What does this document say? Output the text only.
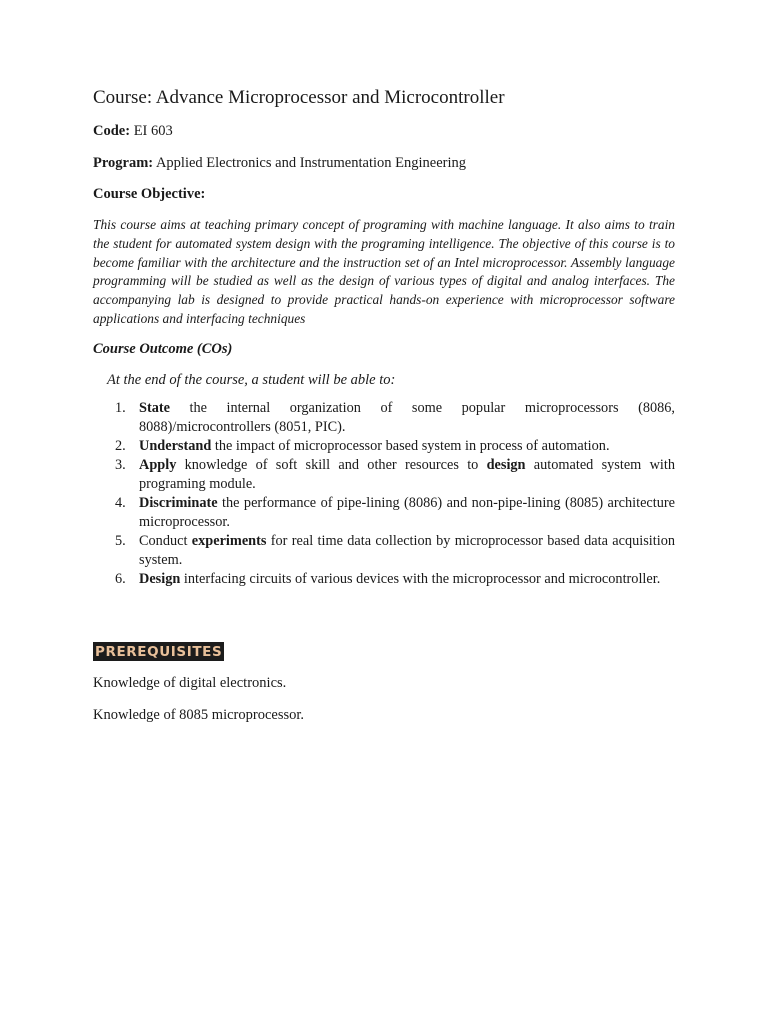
Course: Advance Microprocessor and Microcontroller
Code: EI 603
Program: Applied Electronics and Instrumentation Engineering
Course Objective:
This course aims at teaching primary concept of programing with machine language. It also aims to train the student for automated system design with the programing intelligence. The objective of this course is to become familiar with the architecture and the instruction set of an Intel microprocessor. Assembly language programming will be studied as well as the design of various types of digital and analog interfaces. The accompanying lab is designed to provide practical hands-on experience with microprocessor software applications and interfacing techniques
Course Outcome (COs)
At the end of the course, a student will be able to:
1. State the internal organization of some popular microprocessors (8086, 8088)/microcontrollers (8051, PIC).
2. Understand the impact of microprocessor based system in process of automation.
3. Apply knowledge of soft skill and other resources to design automated system with programing module.
4. Discriminate the performance of pipe-lining (8086) and non-pipe-lining (8085) architecture microprocessor.
5. Conduct experiments for real time data collection by microprocessor based data acquisition system.
6. Design interfacing circuits of various devices with the microprocessor and microcontroller.
PREREQUISITES
Knowledge of digital electronics.
Knowledge of 8085 microprocessor.
